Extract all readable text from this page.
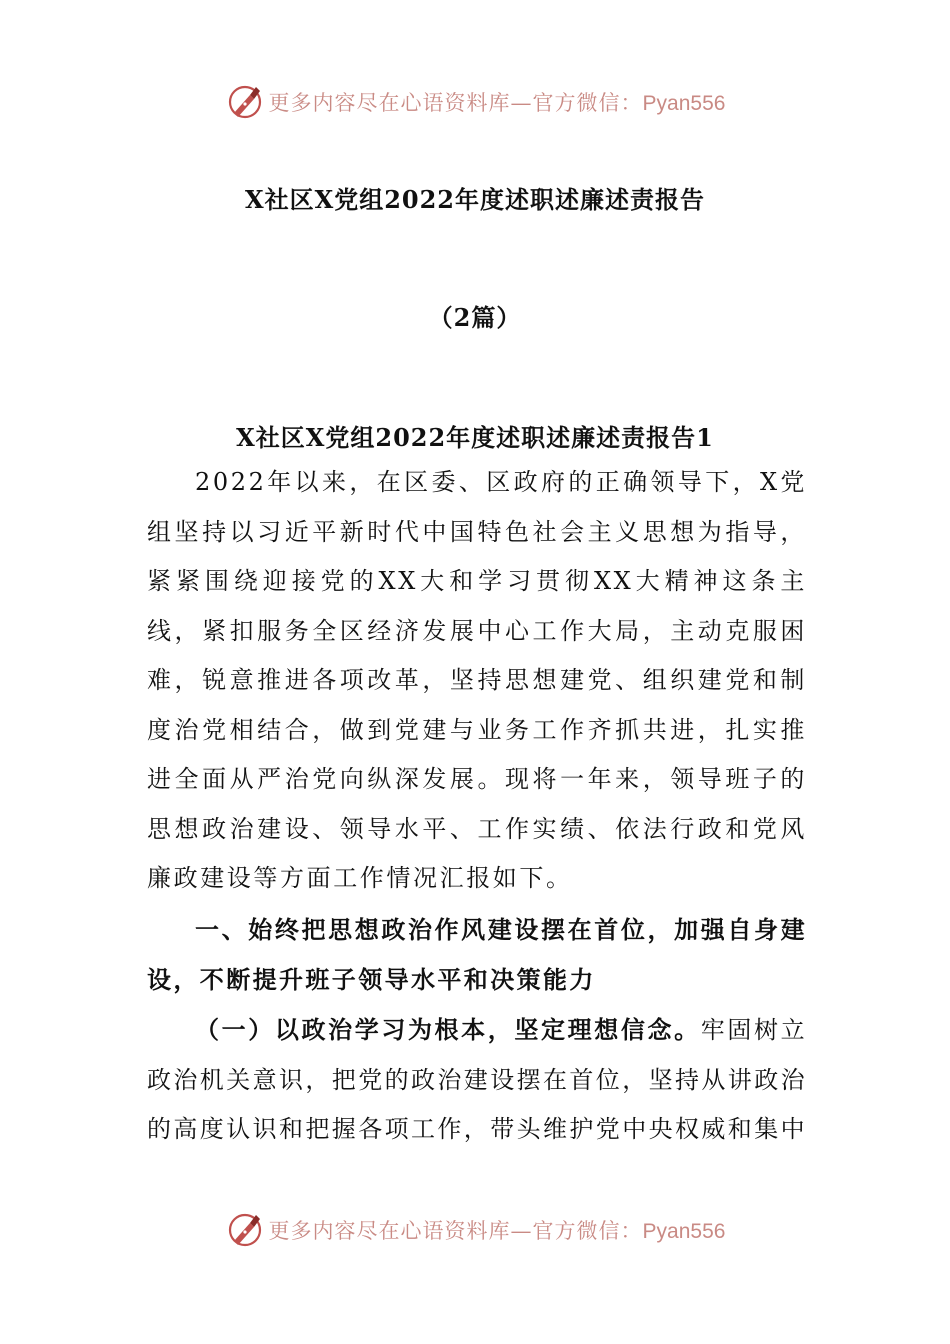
更多内容尽在心语资料库—官方微信：Pyan556
X社区X党组2022年度述职述廉述责报告
（2篇）
X社区X党组2022年度述职述廉述责报告1

2022年以来，在区委、区政府的正确领导下，X党组坚持以习近平新时代中国特色社会主义思想为指导，紧紧围绕迎接党的XX大和学习贯彻XX大精神这条主线，紧扣服务全区经济发展中心工作大局，主动克服困难，锐意推进各项改革，坚持思想建党、组织建党和制度治党相结合，做到党建与业务工作齐抓共进，扎实推进全面从严治党向纵深发展。现将一年来，领导班子的思想政治建设、领导水平、工作实绩、依法行政和党风廉政建设等方面工作情况汇报如下。

一、始终把思想政治作风建设摆在首位，加强自身建设，不断提升班子领导水平和决策能力

（一）以政治学习为根本，坚定理想信念。牢固树立政治机关意识，把党的政治建设摆在首位，坚持从讲政治的高度认识和把握各项工作，带头维护党中央权威和集中

更多内容尽在心语资料库—官方微信：Pyan556
